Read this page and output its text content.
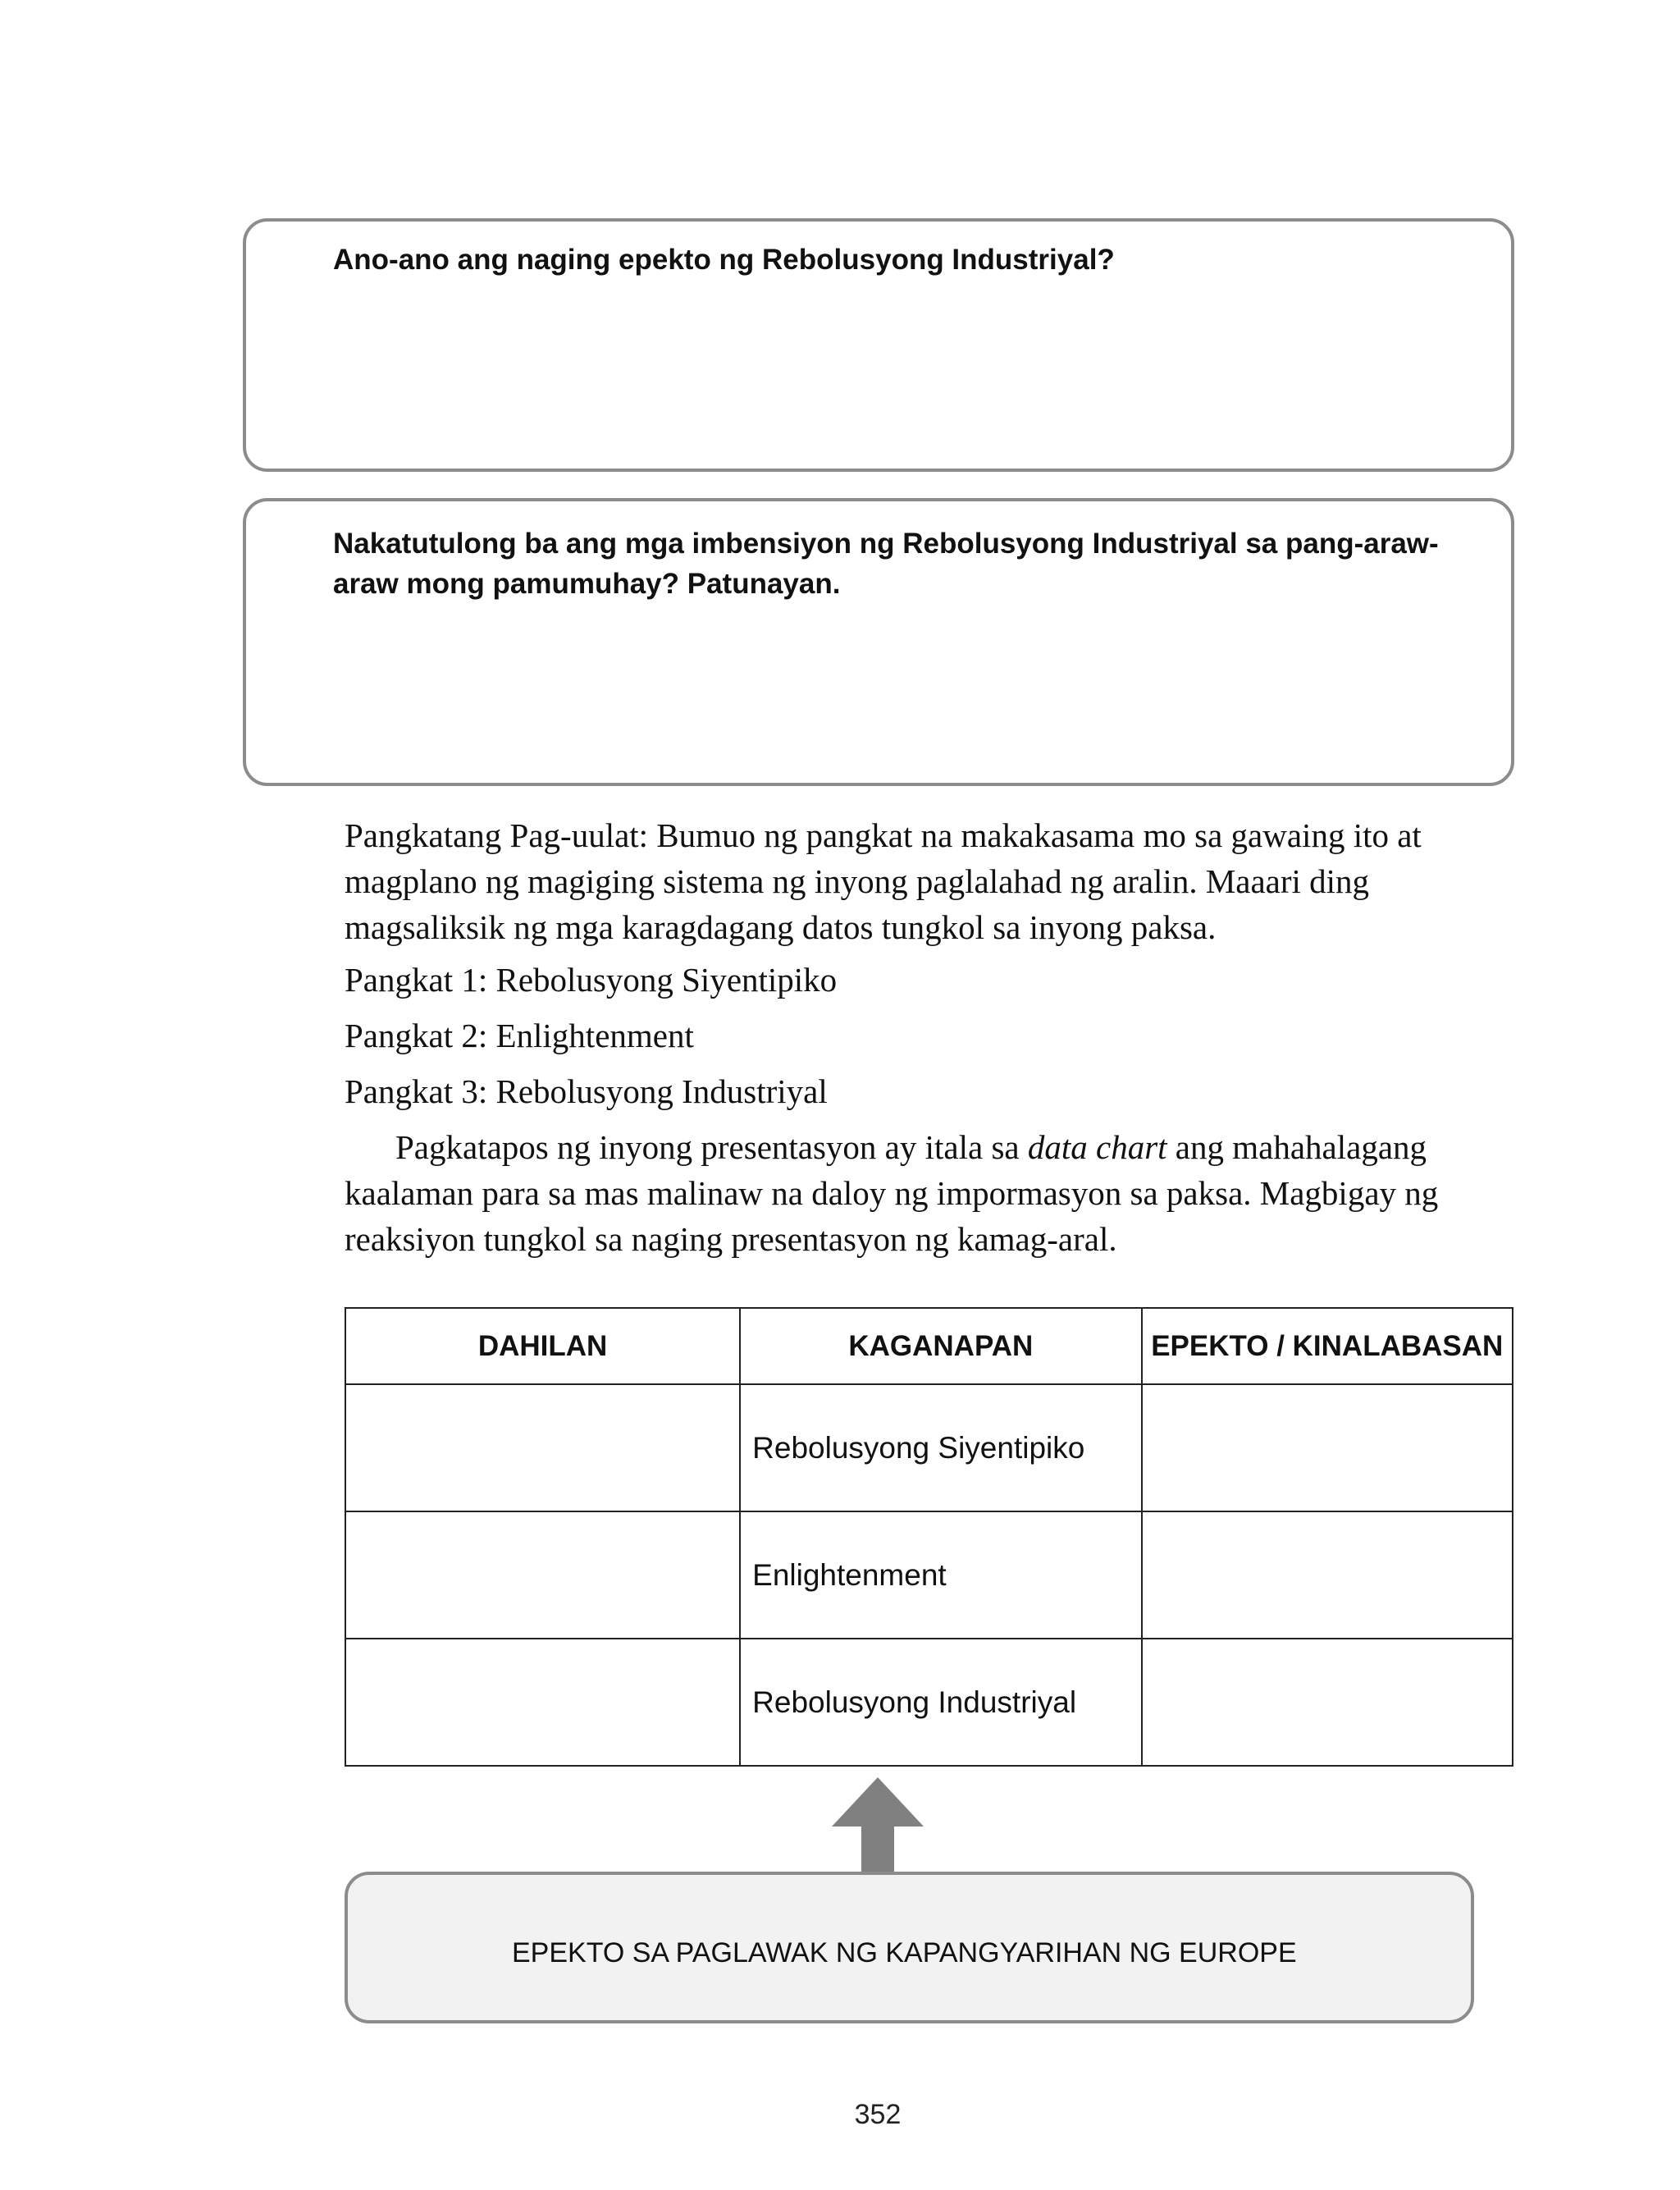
Ano-ano ang naging epekto ng Rebolusyong Industriyal?
Nakatutulong ba ang mga imbensiyon ng Rebolusyong Industriyal sa pang-araw-araw mong pamumuhay? Patunayan.

Pangkatang Pag-uulat: Bumuo ng pangkat na makakasama mo sa gawaing ito at magplano ng magiging sistema ng inyong paglalahad ng aralin. Maaari ding magsaliksik ng mga karagdagang datos tungkol sa inyong paksa.

Pangkat 1: Rebolusyong Siyentipiko

Pangkat 2: Enlightenment

Pangkat 3: Rebolusyong Industriyal

Pagkatapos ng inyong presentasyon ay itala sa data chart ang mahahalagang kaalaman para sa mas malinaw na daloy ng impormasyon sa paksa. Magbigay ng reaksiyon tungkol sa naging presentasyon ng kamag-aral.

DAHILAN	KAGANAPAN	EPEKTO / KINALABASAN
	Rebolusyong Siyentipiko	
	Enlightenment	
	Rebolusyong Industriyal	
EPEKTO SA PAGLAWAK NG KAPANGYARIHAN NG EUROPE
352
